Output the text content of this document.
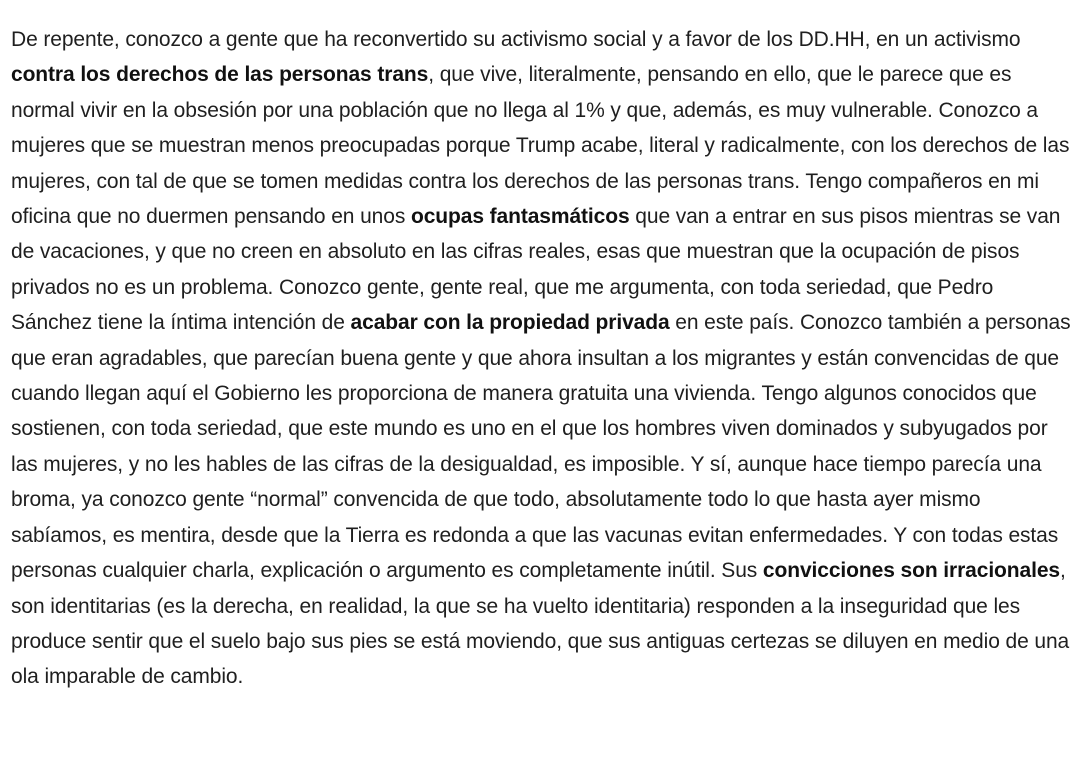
De repente, conozco a gente que ha reconvertido su activismo social y a favor de los DD.HH, en un activismo contra los derechos de las personas trans, que vive, literalmente, pensando en ello, que le parece que es normal vivir en la obsesión por una población que no llega al 1% y que, además, es muy vulnerable. Conozco a mujeres que se muestran menos preocupadas porque Trump acabe, literal y radicalmente, con los derechos de las mujeres, con tal de que se tomen medidas contra los derechos de las personas trans. Tengo compañeros en mi oficina que no duermen pensando en unos ocupas fantasmáticos que van a entrar en sus pisos mientras se van de vacaciones, y que no creen en absoluto en las cifras reales, esas que muestran que la ocupación de pisos privados no es un problema. Conozco gente, gente real, que me argumenta, con toda seriedad, que Pedro Sánchez tiene la íntima intención de acabar con la propiedad privada en este país. Conozco también a personas que eran agradables, que parecían buena gente y que ahora insultan a los migrantes y están convencidas de que cuando llegan aquí el Gobierno les proporciona de manera gratuita una vivienda. Tengo algunos conocidos que sostienen, con toda seriedad, que este mundo es uno en el que los hombres viven dominados y subyugados por las mujeres, y no les hables de las cifras de la desigualdad, es imposible. Y sí, aunque hace tiempo parecía una broma, ya conozco gente “normal” convencida de que todo, absolutamente todo lo que hasta ayer mismo sabíamos, es mentira, desde que la Tierra es redonda a que las vacunas evitan enfermedades. Y con todas estas personas cualquier charla, explicación o argumento es completamente inútil. Sus convicciones son irracionales, son identitarias (es la derecha, en realidad, la que se ha vuelto identitaria) responden a la inseguridad que les produce sentir que el suelo bajo sus pies se está moviendo, que sus antiguas certezas se diluyen en medio de una ola imparable de cambio.
